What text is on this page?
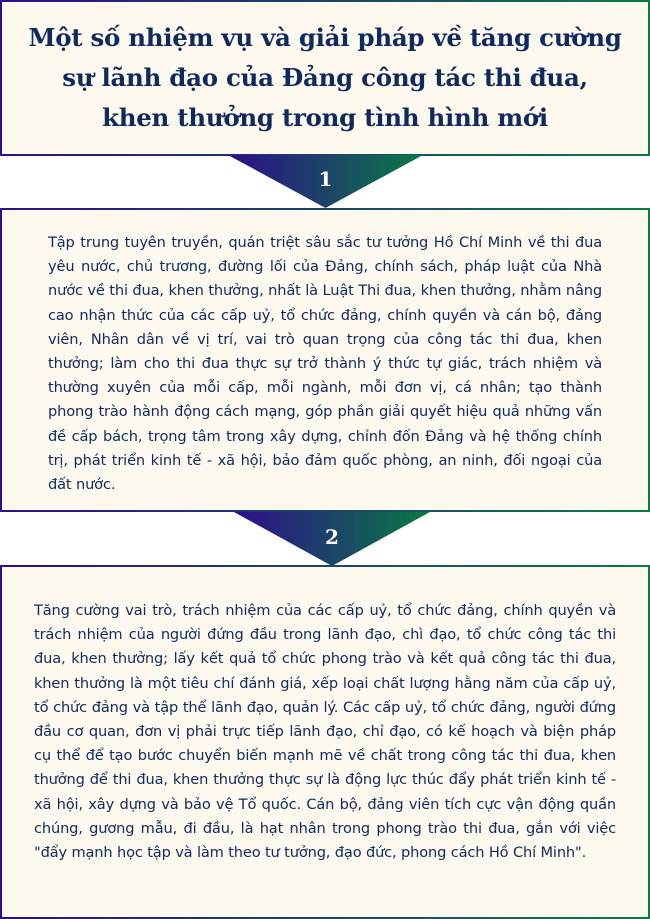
Một số nhiệm vụ và giải pháp về tăng cường
sự lãnh đạo của Đảng công tác thi đua,
khen thưởng trong tình hình mới
1
Tập trung tuyên truyền, quán triệt sâu sắc tư tưởng Hồ Chí Minh về thi đua yêu nước, chủ trương, đường lối của Đảng, chính sách, pháp luật của Nhà nước về thi đua, khen thưởng, nhất là Luật Thi đua, khen thưởng, nhằm nâng cao nhận thức của các cấp uỷ, tổ chức đảng, chính quyền và cán bộ, đảng viên, Nhân dân về vị trí, vai trò quan trọng của công tác thi đua, khen thưởng; làm cho thi đua thực sự trở thành ý thức tự giác, trách nhiệm và thường xuyên của mỗi cấp, mỗi ngành, mỗi đơn vị, cá nhân; tạo thành phong trào hành động cách mạng, góp phần giải quyết hiệu quả những vấn đề cấp bách, trọng tâm trong xây dựng, chỉnh đốn Đảng và hệ thống chính trị, phát triển kinh tế - xã hội, bảo đảm quốc phòng, an ninh, đối ngoại của đất nước.
2
Tăng cường vai trò, trách nhiệm của các cấp uỷ, tổ chức đảng, chính quyền và trách nhiệm của người đứng đầu trong lãnh đạo, chì đạo, tổ chức công tác thi đua, khen thưởng; lấy kết quả tổ chức phong trào và kết quả công tác thi đua, khen thưởng là một tiêu chí đánh giá, xếp loại chất lượng hằng năm của cấp uỷ, tổ chức đảng và tập thể lãnh đạo, quản lý. Các cấp uỷ, tổ chức đảng, người đứng đầu cơ quan, đơn vị phải trực tiếp lãnh đạo, chỉ đạo, có kế hoạch và biện pháp cụ thể để tạo bước chuyển biến mạnh mẽ về chất trong công tác thi đua, khen thưởng để thi đua, khen thưởng thực sự là động lực thúc đẩy phát triển kinh tế - xã hội, xây dựng và bảo vệ Tổ quốc. Cán bộ, đảng viên tích cực vận động quần chúng, gương mẫu, đi đầu, là hạt nhân trong phong trào thi đua, gắn với việc "đẩy mạnh học tập và làm theo tư tưởng, đạo đức, phong cách Hồ Chí Minh".
